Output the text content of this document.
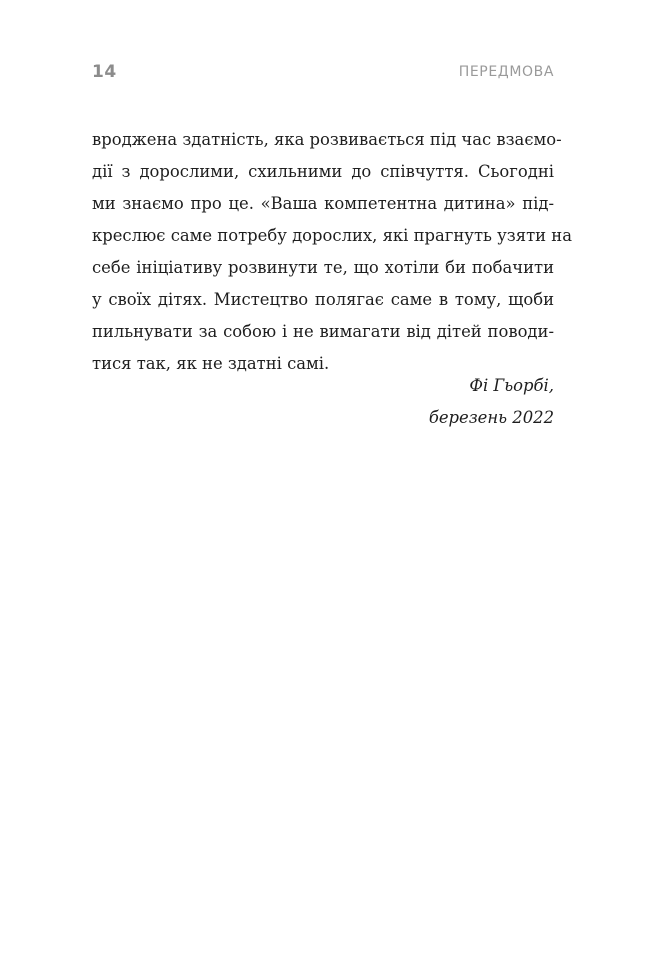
14	ПЕРЕДМОВА
вроджена здатність, яка розвивається під час взаємо-
дії з дорослими, схильними до співчуття. Сьогодні
ми знаємо про це. «Ваша компетентна дитина» під-
креслює саме потребу дорослих, які прагнуть узяти на
себе ініціативу розвинути те, що хотіли би побачити
у своїх дітях. Мистецтво полягає саме в тому, щоби
пильнувати за собою і не вимагати від дітей поводи-
тися так, як не здатні самі.
Фі Гьорбі,
березень 2022
